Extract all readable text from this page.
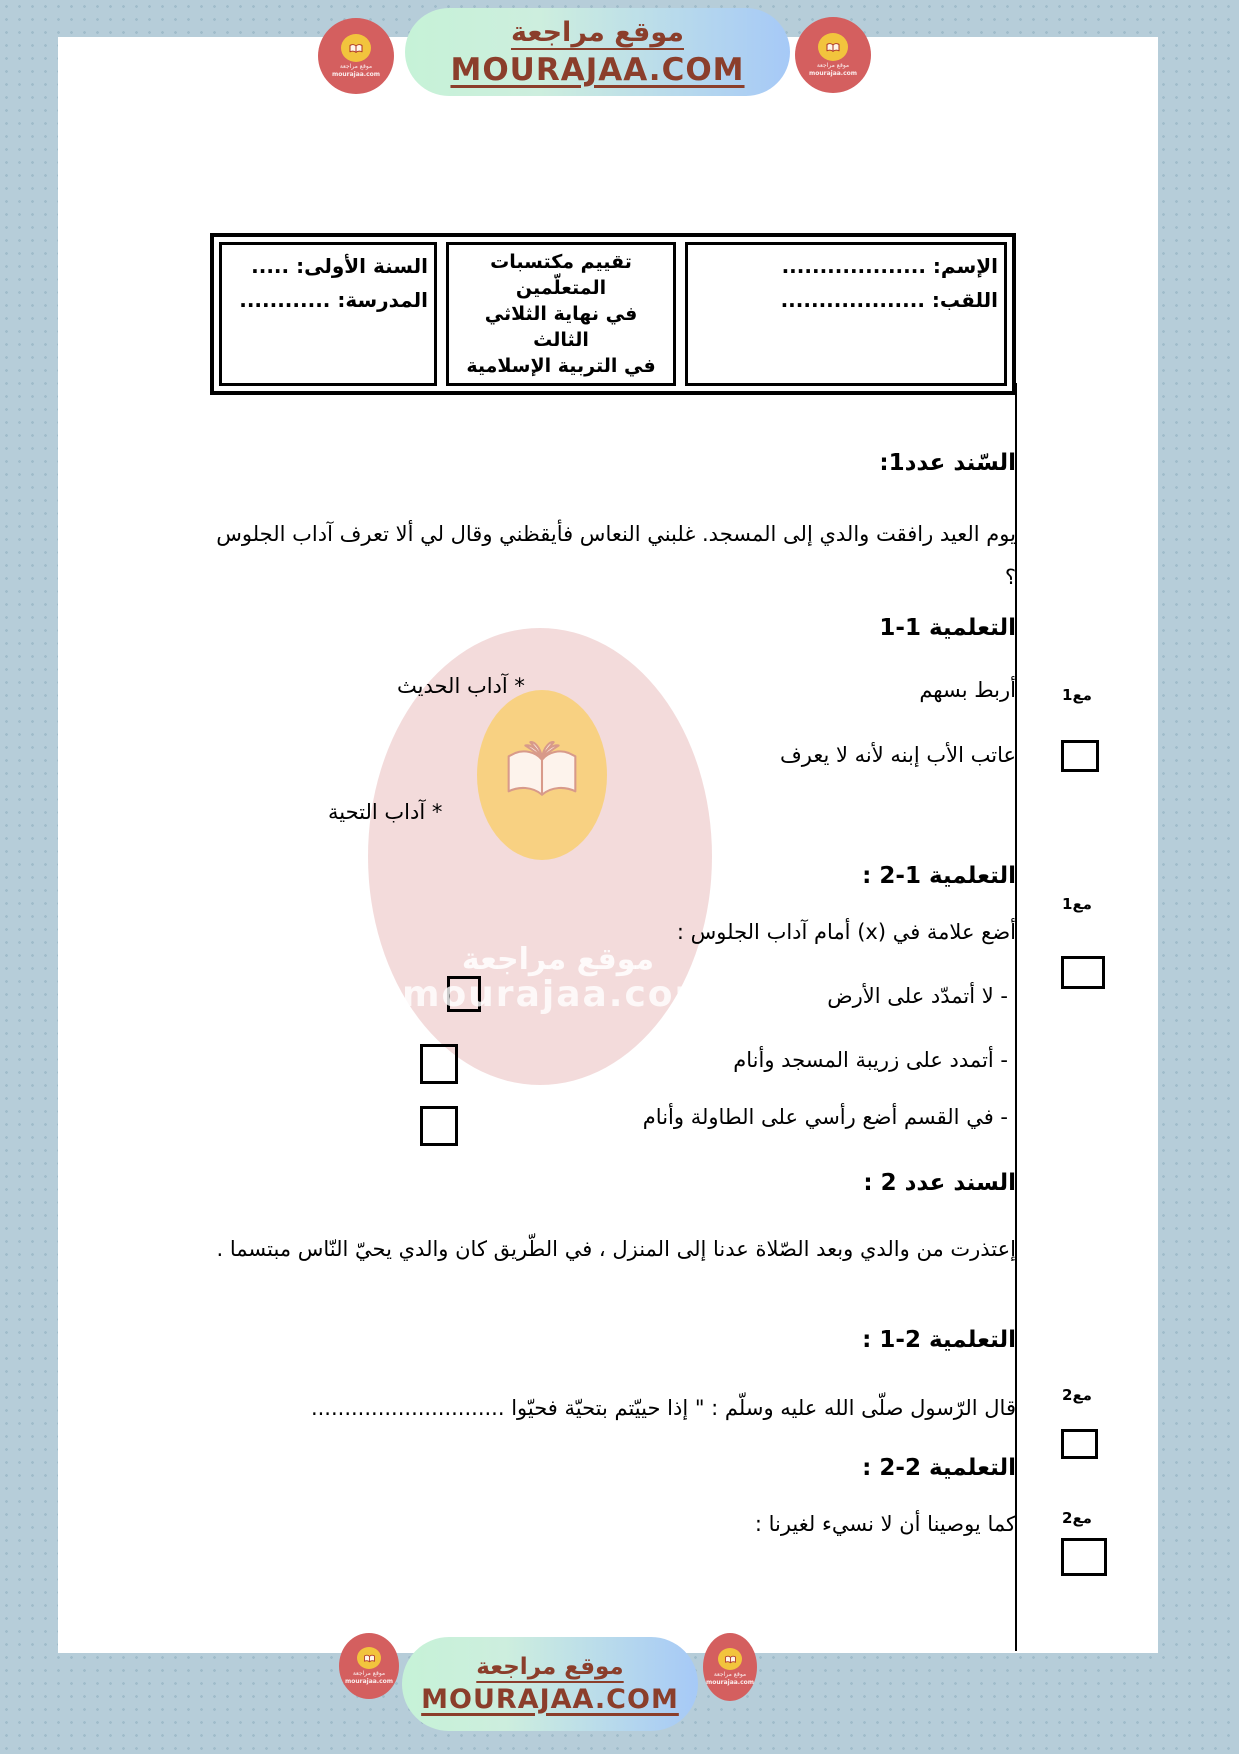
الإسم: ...................
اللقب: ...................
تقييم مكتسبات المتعلّمين
في نهاية الثلاثي الثالث
في التربية الإسلامية
السنة الأولى: .....
المدرسة: ............
موقع مراجعة
mourajaa.com
السّند عدد1:
يوم العيد رافقت والدي إلى المسجد. غلبني النعاس فأيقظني وقال لي ألا تعرف آداب الجلوس ؟
التعلمية 1-1
أربط بسهم
* آداب الحديث
عاتب الأب إبنه لأنه لا يعرف
* آداب التحية
التعلمية 1-2 :
أضع علامة في (x) أمام آداب الجلوس :
- لا أتمدّد على الأرض
- أتمدد على زريبة المسجد وأنام
- في القسم أضع رأسي على الطاولة وأنام
السند عدد 2 :
إعتذرت من والدي وبعد الصّلاة عدنا إلى المنزل ، في الطّريق كان والدي يحيّ النّاس مبتسما .
التعلمية 2-1 :
قال الرّسول صلّى الله عليه وسلّم : " إذا حييّتم بتحيّة فحيّوا .............................
التعلمية 2-2 :
كما يوصينا أن لا نسيء لغيرنا :
مع1
مع1
مع2
مع2
موقع مراجعة
mourajaa.com
موقع مراجعة
MOURAJAA.COM	موقع مراجعة
mourajaa.com
موقع مراجعة
mourajaa.com
موقع مراجعة
MOURAJAA.COM
موقع مراجعة
mourajaa.com
